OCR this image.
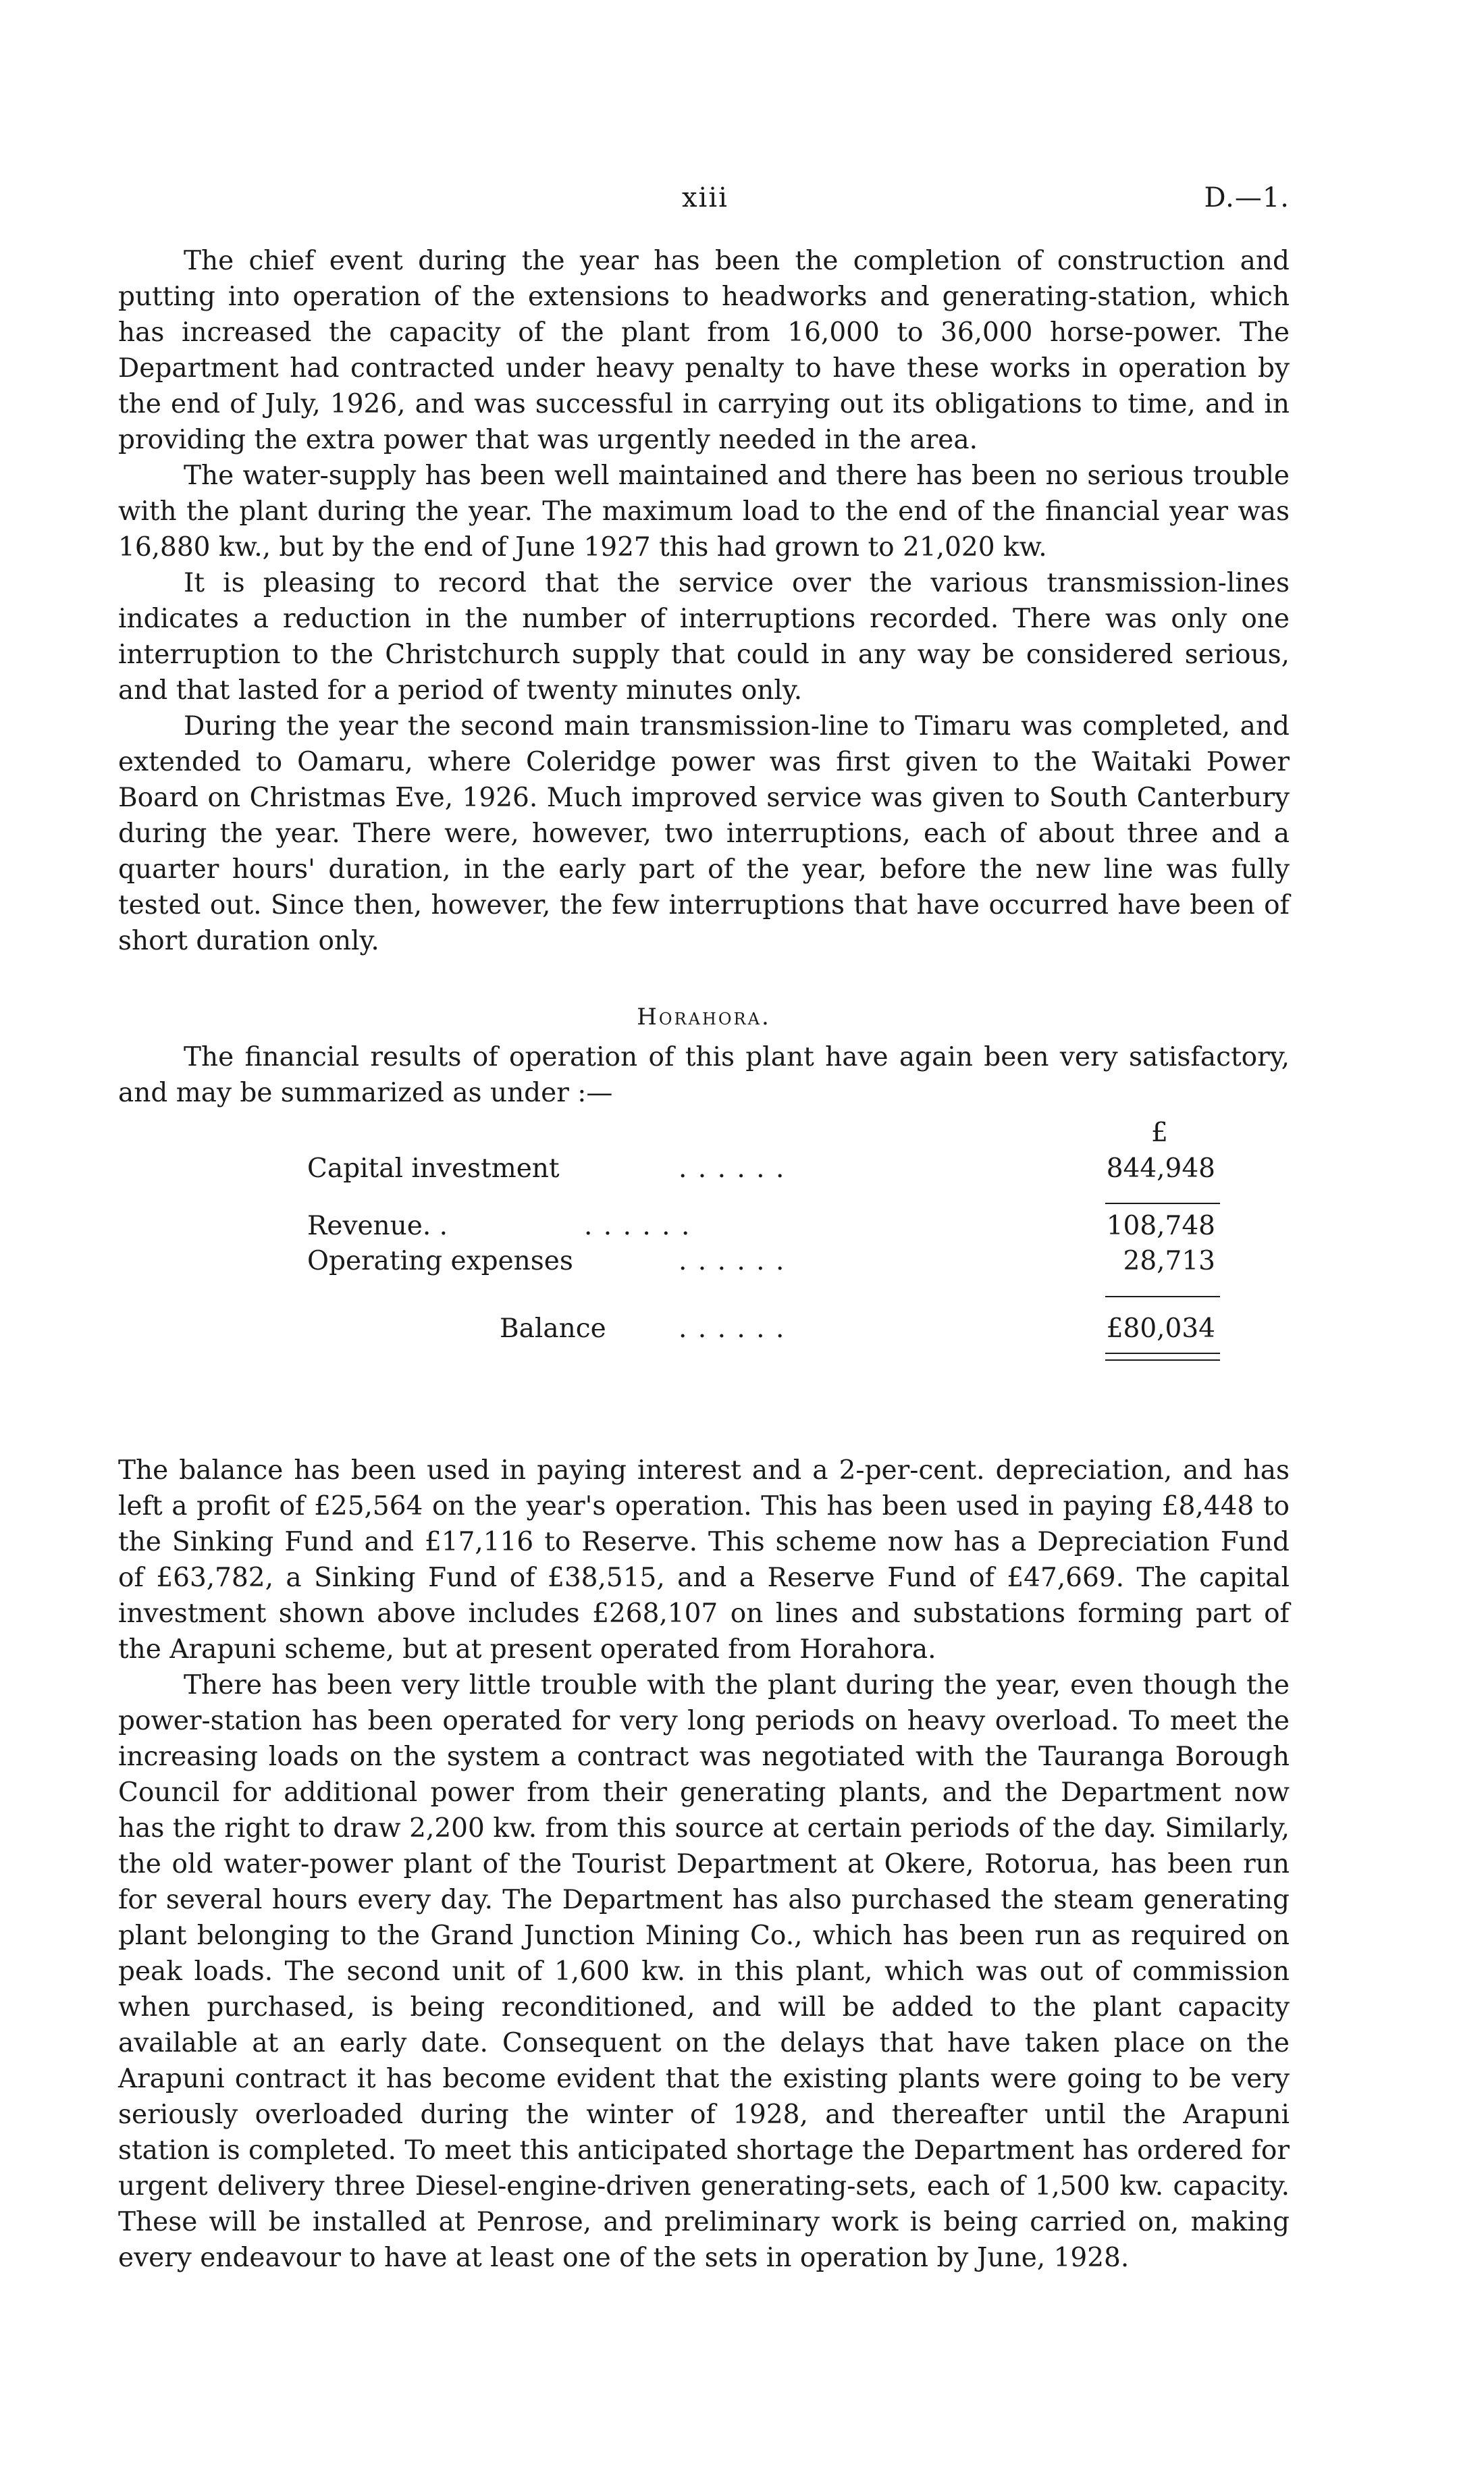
xiii	D.—1.

The chief event during the year has been the completion of construction and putting into operation of the extensions to headworks and generating-station, which has increased the capacity of the plant from 16,000 to 36,000 horse-power. The Department had contracted under heavy penalty to have these works in operation by the end of July, 1926, and was successful in carrying out its obligations to time, and in providing the extra power that was urgently needed in the area.

The water-supply has been well maintained and there has been no serious trouble with the plant during the year. The maximum load to the end of the financial year was 16,880 kw., but by the end of June 1927 this had grown to 21,020 kw.

It is pleasing to record that the service over the various transmission-lines indicates a reduction in the number of interruptions recorded. There was only one interruption to the Christchurch supply that could in any way be considered serious, and that lasted for a period of twenty minutes only.

During the year the second main transmission-line to Timaru was completed, and extended to Oamaru, where Coleridge power was first given to the Waitaki Power Board on Christmas Eve, 1926. Much improved service was given to South Canterbury during the year. There were, however, two interruptions, each of about three and a quarter hours' duration, in the early part of the year, before the new line was fully tested out. Since then, however, the few interruptions that have occurred have been of short duration only.

Horahora.

The financial results of operation of this plant have again been very satisfactory, and may be summarized as under :—

£
Capital investment	. . . . . .	844,948
Revenue. .	. . . . . .	108,748
Operating expenses	. . . . . .	28,713
Balance	. . . . . .	£80,034

The balance has been used in paying interest and a 2-per-cent. depreciation, and has left a profit of £25,564 on the year's operation. This has been used in paying £8,448 to the Sinking Fund and £17,116 to Reserve. This scheme now has a Depreciation Fund of £63,782, a Sinking Fund of £38,515, and a Reserve Fund of £47,669. The capital investment shown above includes £268,107 on lines and substations forming part of the Arapuni scheme, but at present operated from Horahora.

There has been very little trouble with the plant during the year, even though the power-station has been operated for very long periods on heavy overload. To meet the increasing loads on the system a contract was negotiated with the Tauranga Borough Council for additional power from their generating plants, and the Department now has the right to draw 2,200 kw. from this source at certain periods of the day. Similarly, the old water-power plant of the Tourist Department at Okere, Rotorua, has been run for several hours every day. The Department has also purchased the steam generating plant belonging to the Grand Junction Mining Co., which has been run as required on peak loads. The second unit of 1,600 kw. in this plant, which was out of commission when purchased, is being reconditioned, and will be added to the plant capacity available at an early date. Consequent on the delays that have taken place on the Arapuni contract it has become evident that the existing plants were going to be very seriously overloaded during the winter of 1928, and thereafter until the Arapuni station is completed. To meet this anticipated shortage the Department has ordered for urgent delivery three Diesel-engine-driven generating-sets, each of 1,500 kw. capacity. These will be installed at Penrose, and preliminary work is being carried on, making every endeavour to have at least one of the sets in operation by June, 1928.
